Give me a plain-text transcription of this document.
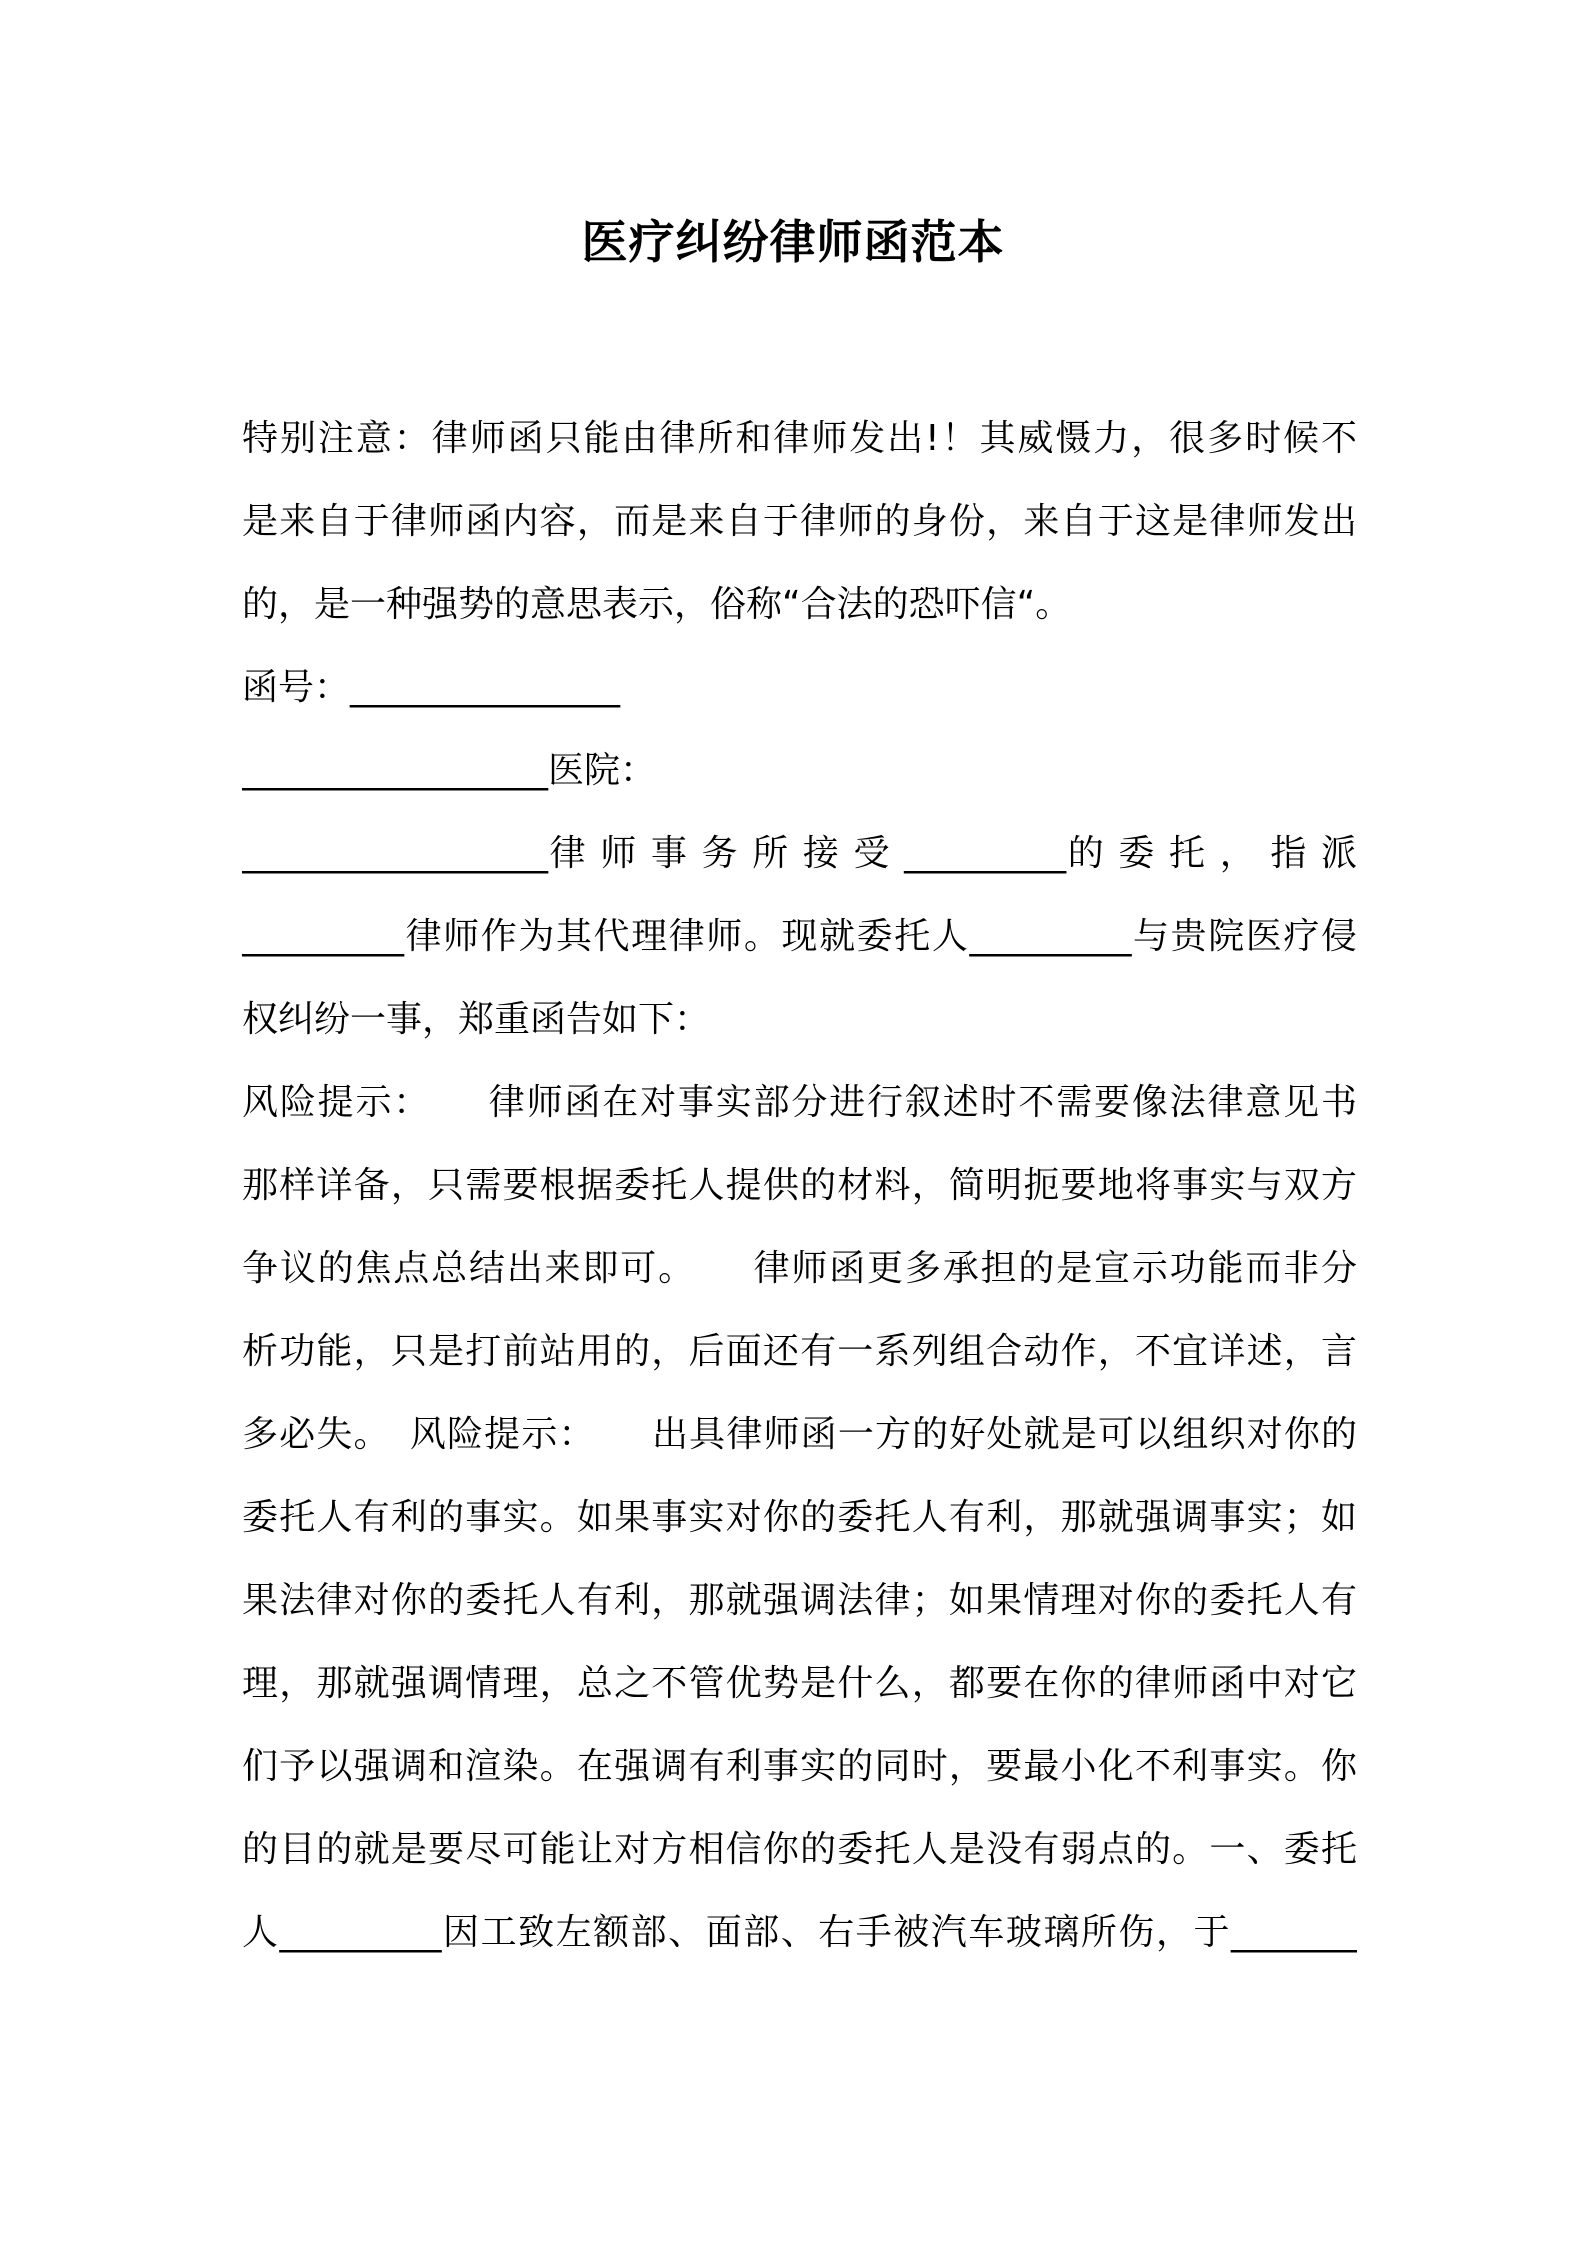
医疗纠纷律师函范本
特别注意：律师函只能由律所和律师发出!！其威慑力，很多时候不
是来自于律师函内容，而是来自于律师的身份，来自于这是律师发出
的，是一种强势的意思表示，俗称“合法的恐吓信“。
函号：_______________
_________________医院：
_________________律 师 事 务 所 接 受 _________的 委 托 ， 指 派
_________律师作为其代理律师。现就委托人_________与贵院医疗侵
权纠纷一事，郑重函告如下：
风险提示：　　律师函在对事实部分进行叙述时不需要像法律意见书
那样详备，只需要根据委托人提供的材料，简明扼要地将事实与双方
争议的焦点总结出来即可。　　律师函更多承担的是宣示功能而非分
析功能，只是打前站用的，后面还有一系列组合动作，不宜详述，言
多必失。　风险提示：　　出具律师函一方的好处就是可以组织对你的
委托人有利的事实。如果事实对你的委托人有利，那就强调事实；如
果法律对你的委托人有利，那就强调法律；如果情理对你的委托人有
理，那就强调情理，总之不管优势是什么，都要在你的律师函中对它
们予以强调和渲染。在强调有利事实的同时，要最小化不利事实。你
的目的就是要尽可能让对方相信你的委托人是没有弱点的。一、委托
人_________因工致左额部、面部、右手被汽车玻璃所伤，于_______
